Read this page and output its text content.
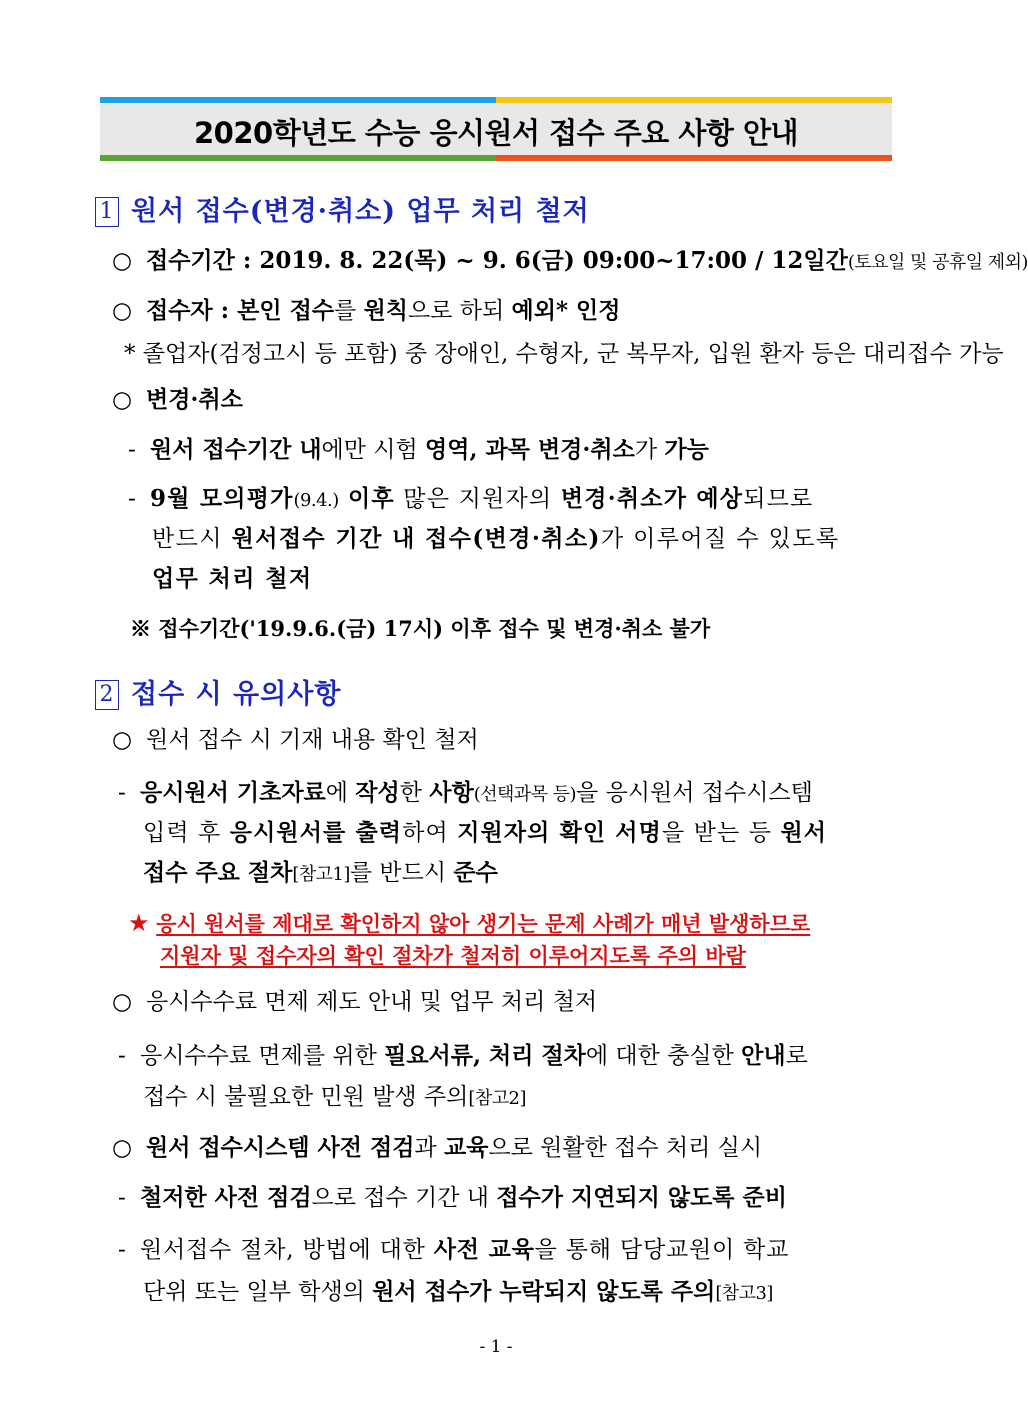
2020학년도 수능 응시원서 접수 주요 사항 안내
1 원서 접수(변경·취소) 업무 처리 철저
○ 접수기간 : 2019. 8. 22(목) ~ 9. 6(금) 09:00~17:00 / 12일간(토요일 및 공휴일 제외)
○ 접수자 : 본인 접수를 원칙으로 하되 예외* 인정
* 졸업자(검정고시 등 포함) 중 장애인, 수형자, 군 복무자, 입원 환자 등은 대리접수 가능
○ 변경·취소
- 원서 접수기간 내에만 시험 영역, 과목 변경·취소가 가능
- 9월 모의평가(9.4.) 이후 많은 지원자의 변경·취소가 예상되므로
반드시 원서접수 기간 내 접수(변경·취소)가 이루어질 수 있도록
업무 처리 철저
※ 접수기간('19.9.6.(금) 17시) 이후 접수 및 변경·취소 불가
2 접수 시 유의사항
○ 원서 접수 시 기재 내용 확인 철저
- 응시원서 기초자료에 작성한 사항(선택과목 등)을 응시원서 접수시스템
입력 후 응시원서를 출력하여 지원자의 확인 서명을 받는 등 원서
접수 주요 절차[참고1]를 반드시 준수
★ 응시 원서를 제대로 확인하지 않아 생기는 문제 사례가 매년 발생하므로
지원자 및 접수자의 확인 절차가 철저히 이루어지도록 주의 바람
○ 응시수수료 면제 제도 안내 및 업무 처리 철저
- 응시수수료 면제를 위한 필요서류, 처리 절차에 대한 충실한 안내로
접수 시 불필요한 민원 발생 주의[참고2]
○ 원서 접수시스템 사전 점검과 교육으로 원활한 접수 처리 실시
- 철저한 사전 점검으로 접수 기간 내 접수가 지연되지 않도록 준비
- 원서접수 절차, 방법에 대한 사전 교육을 통해 담당교원이 학교
단위 또는 일부 학생의 원서 접수가 누락되지 않도록 주의[참고3]
- 1 -
